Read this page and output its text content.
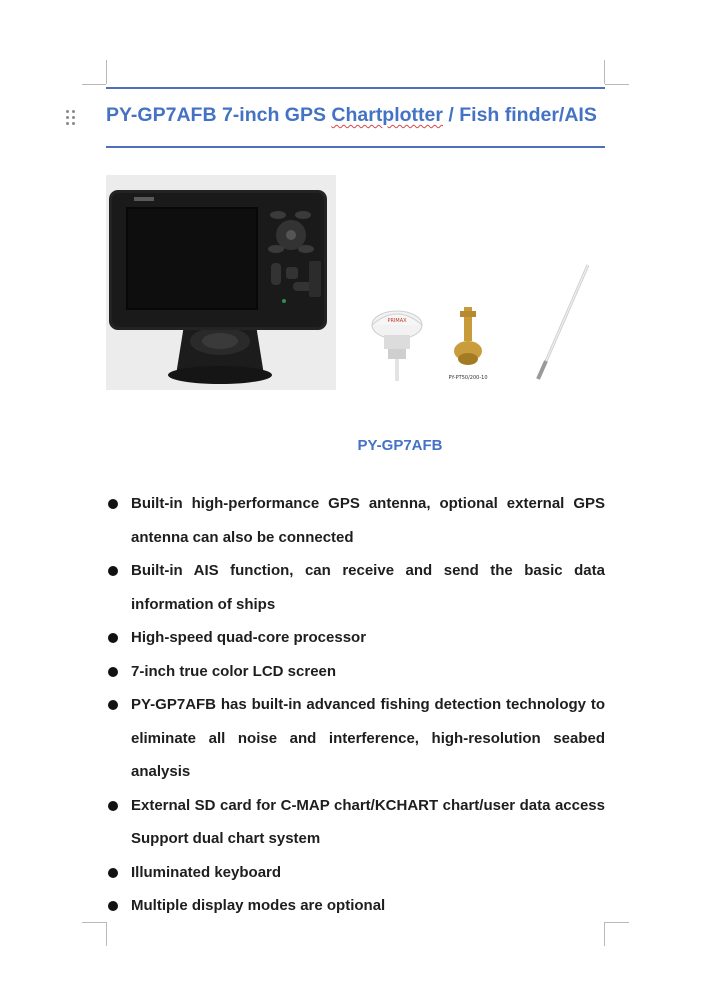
PY-GP7AFB 7-inch GPS Chartplotter / Fish finder/AIS
PRIMAX
PY-PT50/200-10
PY-GP7AFB
Built-in high-performance GPS antenna, optional external GPS antenna can also be connected
Built-in AIS function, can receive and send the basic data information of ships
High-speed quad-core processor
7-inch true color LCD screen
PY-GP7AFB has built-in advanced fishing detection technology to eliminate all noise and interference, high-resolution seabed analysis
External SD card for C-MAP chart/KCHART chart/user data access Support dual chart system
Illuminated keyboard
Multiple display modes are optional
